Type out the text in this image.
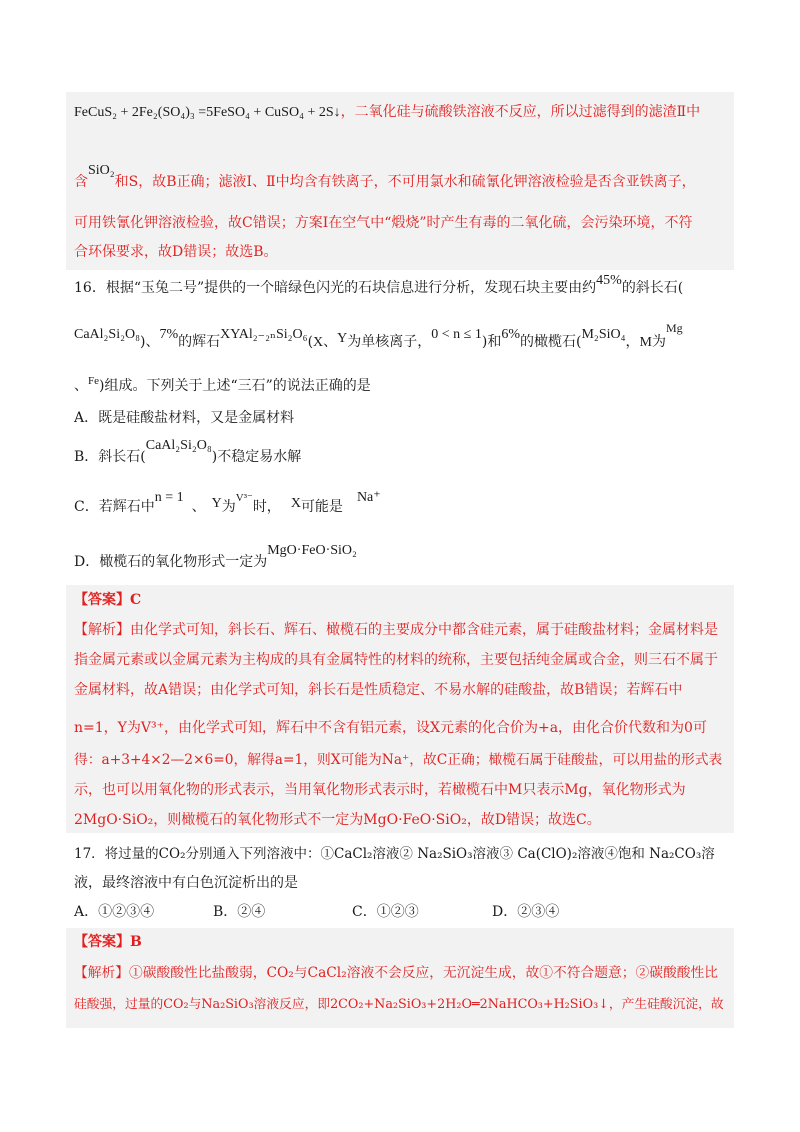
FeCuS₂ + 2Fe₂(SO₄)₃ =5FeSO₄ + CuSO₄ + 2S↓，二氧化硅与硫酸铁溶液不反应，所以过滤得到的滤渣Ⅱ中
含SiO₂和S，故B正确；滤液Ⅰ、Ⅱ中均含有铁离子，不可用氯水和硫氰化钾溶液检验是否含亚铁离子，
可用铁氰化钾溶液检验，故C错误；方案Ⅰ在空气中“煅烧”时产生有毒的二氧化硫，会污染环境，不符
合环保要求，故D错误；故选B。
16．根据“玉兔二号”提供的一个暗绿色闪光的石块信息进行分析，发现石块主要由约45%的斜长石(
CaAl₂Si₂O₈)、7%的辉石XYAl₂₋₂ₙSi₂O₆(X、Y为单核离子，0 < n ≤ 1)和6%的橄榄石(M₂SiO₄，M为Mg
、Fe)组成。下列关于上述“三石”的说法正确的是
A．既是硅酸盐材料，又是金属材料
B．斜长石(CaAl₂Si₂O₈)不稳定易水解
C．若辉石中n = 1、 Y为V³⁻时， X可能是Na⁺
D．橄榄石的氧化物形式一定为MgO·FeO·SiO₂
【答案】C
【解析】由化学式可知，斜长石、辉石、橄榄石的主要成分中都含硅元素，属于硅酸盐材料；金属材料是
指金属元素或以金属元素为主构成的具有金属特性的材料的统称，主要包括纯金属或合金，则三石不属于
金属材料，故A错误；由化学式可知，斜长石是性质稳定、不易水解的硅酸盐，故B错误；若辉石中
n=1，Y为V³⁺，由化学式可知，辉石中不含有铝元素，设X元素的化合价为+a，由化合价代数和为0可
得：a+3+4×2—2×6=0，解得a=1，则X可能为Na⁺，故C正确；橄榄石属于硅酸盐，可以用盐的形式表
示，也可以用氧化物的形式表示，当用氧化物形式表示时，若橄榄石中M只表示Mg，氧化物形式为
2MgO·SiO₂，则橄榄石的氧化物形式不一定为MgO·FeO·SiO₂，故D错误；故选C。
17．将过量的CO₂分别通入下列溶液中：①CaCl₂溶液② Na₂SiO₃溶液③ Ca(ClO)₂溶液④饱和 Na₂CO₃溶
液，最终溶液中有白色沉淀析出的是
A．①②③④	B．②④	C．①②③	D．②③④
【答案】B
【解析】①碳酸酸性比盐酸弱，CO₂与CaCl₂溶液不会反应，无沉淀生成，故①不符合题意；②碳酸酸性比
硅酸强，过量的CO₂与Na₂SiO₃溶液反应，即2CO₂+Na₂SiO₃+2H₂O═2NaHCO₃+H₂SiO₃↓，产生硅酸沉淀，故
